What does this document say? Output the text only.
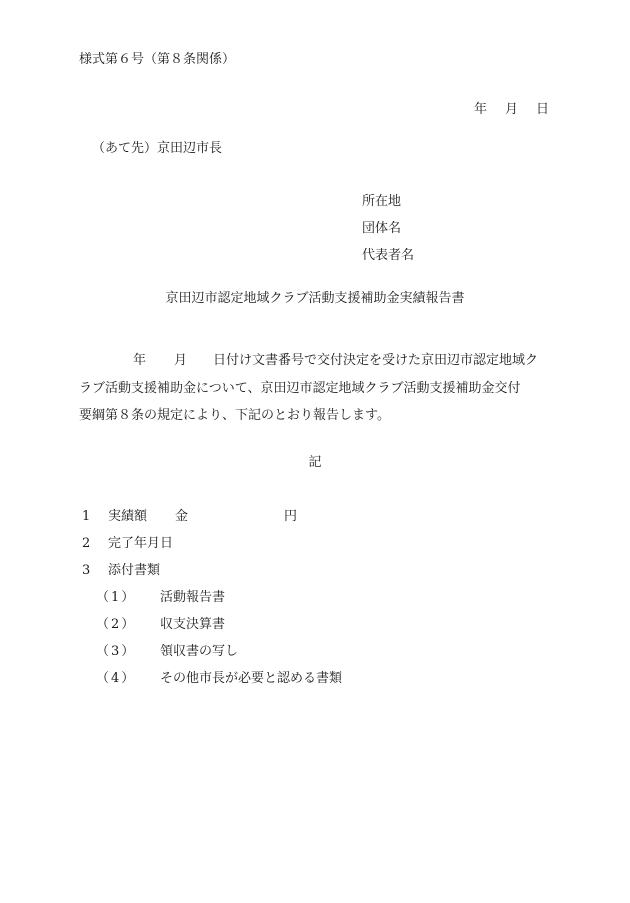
様式第６号（第８条関係）
年 月 日
（あて先）京田辺市長
所在地
団体名
代表者名
京田辺市認定地域クラブ活動支援補助金実績報告書
年 月 日付け文書番号で交付決定を受けた京田辺市認定地域ク
ラブ活動支援補助金について、京田辺市認定地域クラブ活動支援補助金交付
要綱第８条の規定により、下記のとおり報告します。
記
1 実績額 金	円
2 完了年月日
3 添付書類
（1） 活動報告書
（2） 収支決算書
（3） 領収書の写し
（4） その他市長が必要と認める書類
